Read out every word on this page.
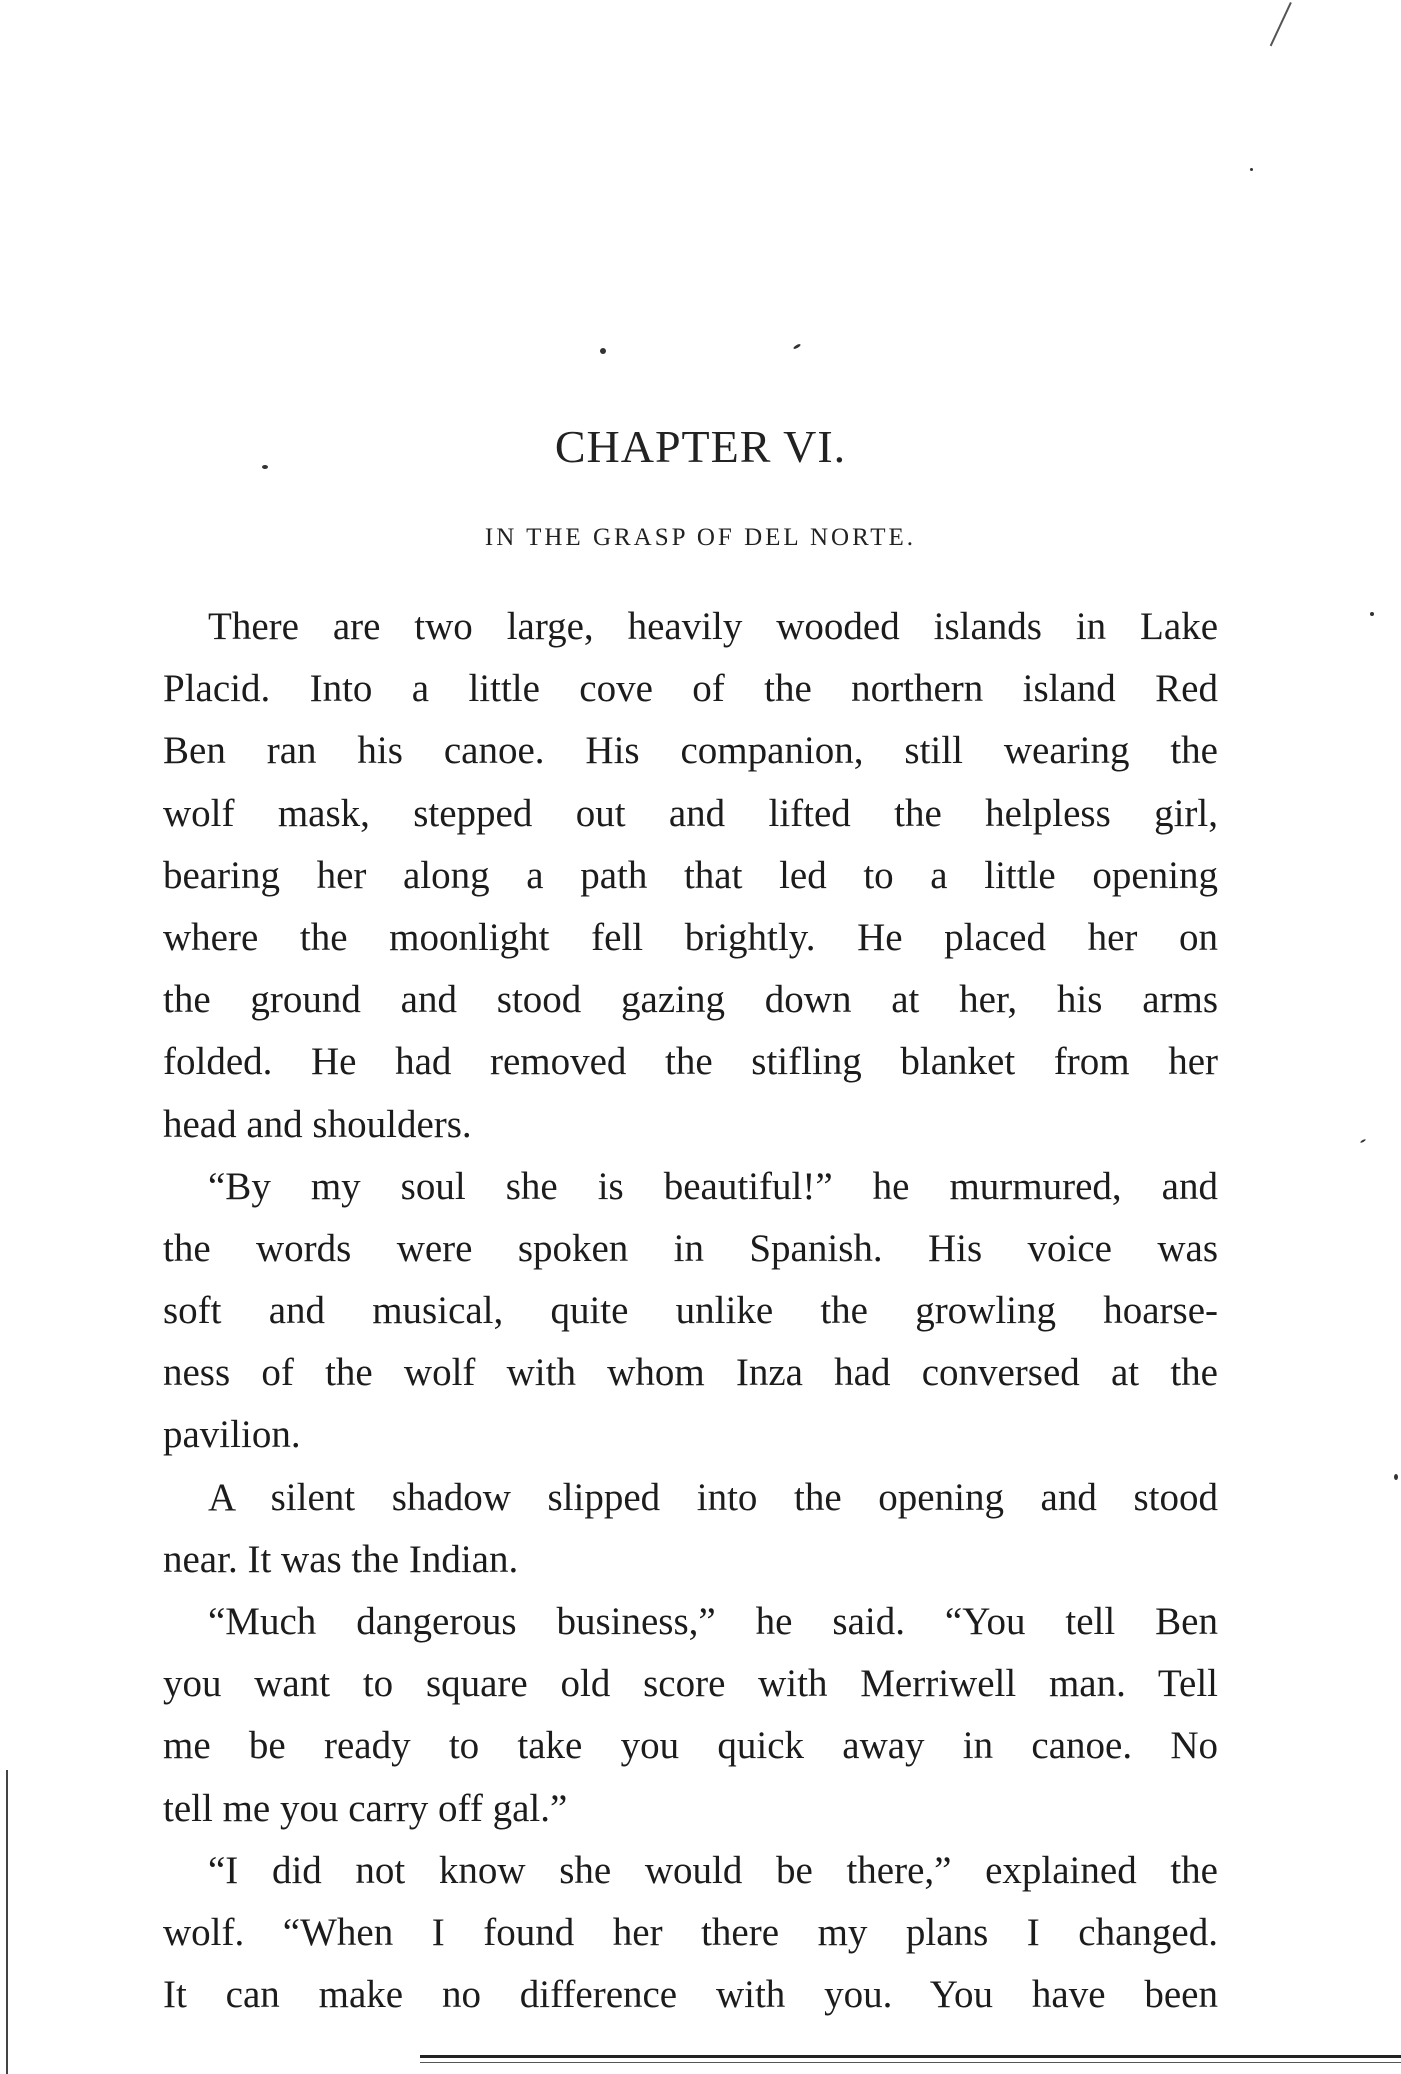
CHAPTER VI.
IN THE GRASP OF DEL NORTE.
There are two large, heavily wooded islands in Lake
Placid. Into a little cove of the northern island Red
Ben ran his canoe. His companion, still wearing the
wolf mask, stepped out and lifted the helpless girl,
bearing her along a path that led to a little opening
where the moonlight fell brightly. He placed her on
the ground and stood gazing down at her, his arms
folded. He had removed the stifling blanket from her
head and shoulders.
“By my soul she is beautiful!” he murmured, and
the words were spoken in Spanish. His voice was
soft and musical, quite unlike the growling hoarse-
ness of the wolf with whom Inza had conversed at the
pavilion.
A silent shadow slipped into the opening and stood
near. It was the Indian.
“Much dangerous business,” he said. “You tell Ben
you want to square old score with Merriwell man. Tell
me be ready to take you quick away in canoe. No
tell me you carry off gal.”
“I did not know she would be there,” explained the
wolf. “When I found her there my plans I changed.
It can make no difference with you. You have been
